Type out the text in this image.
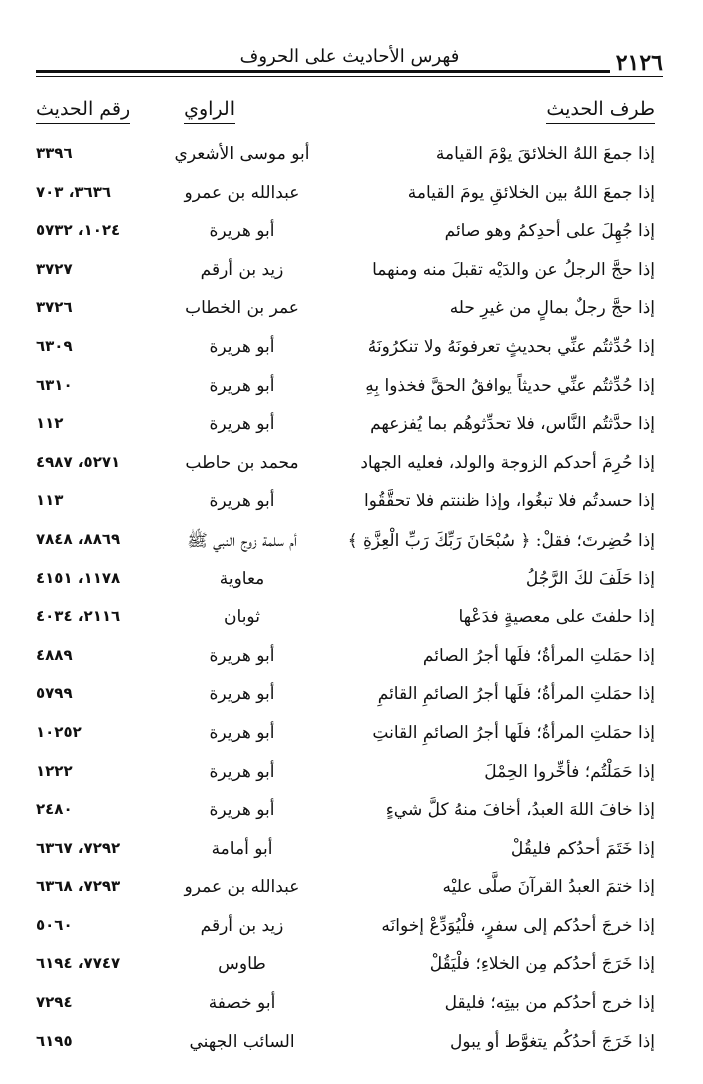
٢١٢٦
فهرس الأحاديث على الحروف
طرف الحديث
الراوي
رقم الحديث
إذا جمعَ اللهُ الخلائقَ يوْمَ القيامة
أبو موسى الأشعري
٣٣٩٦
إذا جمعَ اللهُ بين الخلائقِ يومَ القيامة
عبدالله بن عمرو
٣٦٣٦، ٧٠٣
إذا جُهِلَ على أحدِكمُ وهو صائم
أبو هريرة
١٠٢٤، ٥٧٣٢
إذا حجَّ الرجلُ عن والدَيْه تقبلَ منه ومنهما
زيد بن أرقم
٣٧٢٧
إذا حجَّ رجلٌ بمالٍ من غيرِ حله
عمر بن الخطاب
٣٧٢٦
إذا حُدِّثتُم عنِّي بحديثٍ تعرفونَهُ ولا تنكرُونَهُ
أبو هريرة
٦٣٠٩
إذا حُدِّثتُم عنِّي حديثاً يوافقُ الحقَّ فخذوا بِهِ
أبو هريرة
٦٣١٠
إذا حدَّثتُم النَّاس، فلا تحدِّثوهُم بما يُفزعهم
أبو هريرة
١١٢
إذا حُرِمَ أحدكم الزوجة والولد، فعليه الجهاد
محمد بن حاطب
٥٢٧١، ٤٩٨٧
إذا حسدتُم فلا تبغُوا، وإذا ظننتم فلا تحقَّقُوا
أبو هريرة
١١٣
إذا حُضِرتَ؛ فقلْ: ﴿ سُبْحَانَ رَبِّكَ رَبِّ الْعِزَّةِ ﴾
أم سلمة زوج النبي ﷺ
٨٨٦٩، ٧٨٤٨
إذا حَلَفَ لكَ الرَّجُلُ
معاوية
١١٧٨، ٤١٥١
إذا حلفتَ على معصيةٍ فدَعْها
ثوبان
٢١١٦، ٤٠٣٤
إذا حمَلتِ المرأةُ؛ فلَها أجرُ الصائم
أبو هريرة
٤٨٨٩
إذا حمَلتِ المرأةُ؛ فلَها أجرُ الصائمِ القائمِ
أبو هريرة
٥٧٩٩
إذا حمَلتِ المرأةُ؛ فلَها أجرُ الصائمِ القانتِ
أبو هريرة
١٠٢٥٢
إذا حَمَلْتُم؛ فأخِّروا الحِمْلَ
أبو هريرة
١٢٢٢
إذا خافَ اللهَ العبدُ، أخافَ منهُ كلَّ شيءٍ
أبو هريرة
٢٤٨٠
إذا خَتَمَ أحدُكم فليقُلْ
أبو أمامة
٧٢٩٢، ٦٣٦٧
إذا ختمَ العبدُ القرآنَ صلَّى عليْه
عبدالله بن عمرو
٧٢٩٣، ٦٣٦٨
إذا خرجَ أحدُكم إلى سفرٍ، فلْيُوَدِّعْ إخوانَه
زيد بن أرقم
٥٠٦٠
إذا خَرَجَ أحدُكم مِن الخلاءِ؛ فلْيَقُلْ
طاوس
٧٧٤٧، ٦١٩٤
إذا خرج أحدُكم من بيتِه؛ فليقل
أبو خصفة
٧٢٩٤
إذا خَرَجَ أحدُكُم يتغوَّط أو يبول
السائب الجهني
٦١٩٥
